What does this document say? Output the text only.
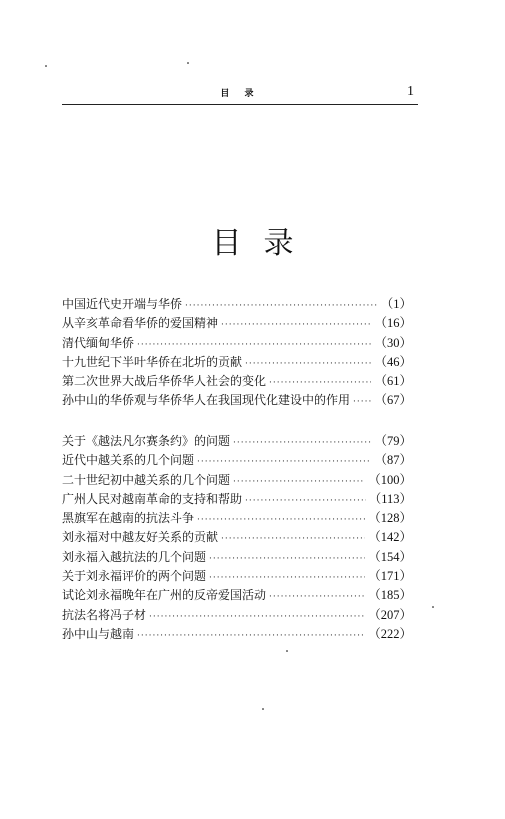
目 录	1
目录
中国近代史开端与华侨 ·····	（1）
从辛亥革命看华侨的爱国精神 ·····	（16）
清代缅甸华侨 ·····	（30）
十九世纪下半叶华侨在北圻的贡献 ·····	（46）
第二次世界大战后华侨华人社会的变化 ·····	（61）
孙中山的华侨观与华侨华人在我国现代化建设中的作用 ····· （67）
关于《越法凡尔赛条约》的问题 ·····	（79）
近代中越关系的几个问题 ·····	（87）
二十世纪初中越关系的几个问题 ·····	（100）
广州人民对越南革命的支持和帮助 ·····	（113）
黑旗军在越南的抗法斗争 ·····	（128）
刘永福对中越友好关系的贡献 ·····	（142）
刘永福入越抗法的几个问题 ·····	（154）
关于刘永福评价的两个问题 ·····	（171）
试论刘永福晚年在广州的反帝爱国活动 ·····	（185）
抗法名将冯子材 ·····	（207）
孙中山与越南 ·····	（222）
